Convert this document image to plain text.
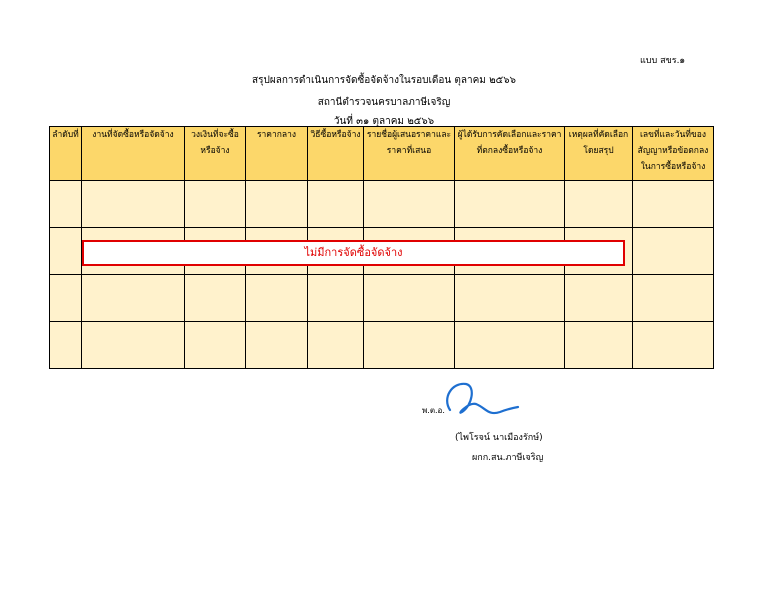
แบบ สขร.๑
สรุปผลการดำเนินการจัดซื้อจัดจ้างในรอบเดือน ตุลาคม ๒๕๖๖
สถานีตำรวจนครบาลภาษีเจริญ
วันที่ ๓๑ ตุลาคม ๒๕๖๖
ลำดับที่	งานที่จัดซื้อหรือจัดจ้าง	วงเงินที่จะซื้อหรือจ้าง	ราคากลาง	วิธีซื้อหรือจ้าง	รายชื่อผู้เสนอราคาและราคาที่เสนอ	ผู้ได้รับการคัดเลือกและราคาที่ตกลงซื้อหรือจ้าง	เหตุผลที่คัดเลือกโดยสรุป	เลขที่และวันที่ของสัญญาหรือข้อตกลงในการซื้อหรือจ้าง

ไม่มีการจัดซื้อจัดจ้าง
พ.ต.อ.
(ไพโรจน์ นาเมืองรักษ์)
ผกก.สน.ภาษีเจริญ
